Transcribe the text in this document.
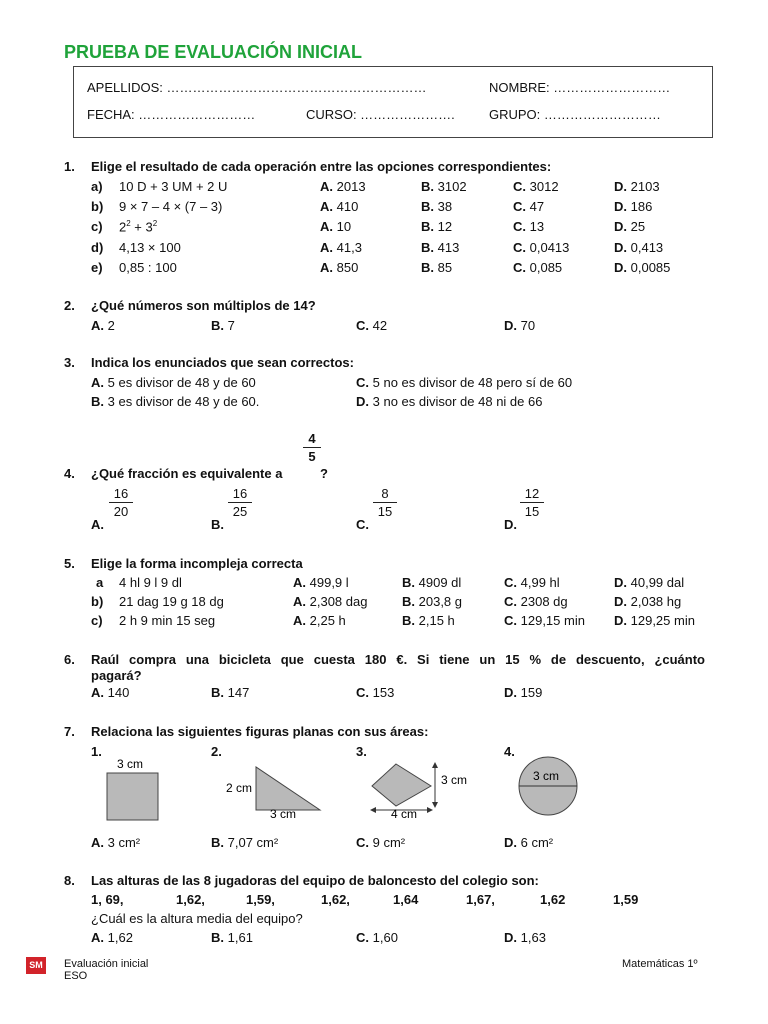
PRUEBA DE EVALUACIÓN INICIAL
APELLIDOS: ……………………………………………………	NOMBRE: ………………………
FECHA: ………………………	CURSO: ………………….	GRUPO: ………………………
1. Elige el resultado de cada operación entre las opciones correspondientes:
a) 10 D + 3 UM + 2 U	A. 2013	B. 3102	C. 3012	D. 2103
b) 9 × 7 – 4 × (7 – 3)	A. 410	B. 38	C. 47	D. 186
c) $2^2 + 3^2$	A. 10	B. 12	C. 13	D. 25
d) 4,13 × 100	A. 41,3	B. 413	C. 0,0413	D. 0,413
e) 0,85 : 100	A. 850	B. 85	C. 0,085	D. 0,0085
2. ¿Qué números son múltiplos de 14?
A. 2	B. 7	C. 42	D. 70
3. Indica los enunciados que sean correctos:
A. 5 es divisor de 48 y de 60	C. 5 no es divisor de 48 pero sí de 60
B. 3 es divisor de 48 y de 60.	D. 3 no es divisor de 48 ni de 66
$\frac{4}{5}$
4. ¿Qué fracción es equivalente a	?
$\frac{16}{20}$	$\frac{16}{25}$	$\frac{8}{15}$	$\frac{12}{15}$
A.	B.	C.	D.
5. Elige la forma incompleja correcta
a 4 hl 9 l 9 dl	A. 499,9 l	B. 4909 dl	C. 4,99 hl	D. 40,99 dal
b) 21 dag 19 g 18 dg	A. 2,308 dag	B. 203,8 g	C. 2308 dg	D. 2,038 hg
c) 2 h 9 min 15 seg	A. 2,25 h	B. 2,15 h	C. 129,15 min D. 129,25 min
6. Raúl compra una bicicleta que cuesta 180 €. Si tiene un 15 % de descuento, ¿cuánto
pagará?
A. 140	B. 147	C. 153	D. 159
7. Relaciona las siguientes figuras planas con sus áreas:
1.	2.	3.	4.
3 cm
2 cm
3 cm
3 cm
4 cm
3 cm
A. 3 cm²	B. 7,07 cm²	C. 9 cm²	D. 6 cm²
8. Las alturas de las 8 jugadoras del equipo de baloncesto del colegio son:
1, 69,	1,62,	1,59,	1,62,	1,64	1,67,	1,62	1,59
¿Cuál es la altura media del equipo?
A. 1,62	B. 1,61	C. 1,60	D. 1,63
SM Evaluación inicial
ESO
Matemáticas 1º
